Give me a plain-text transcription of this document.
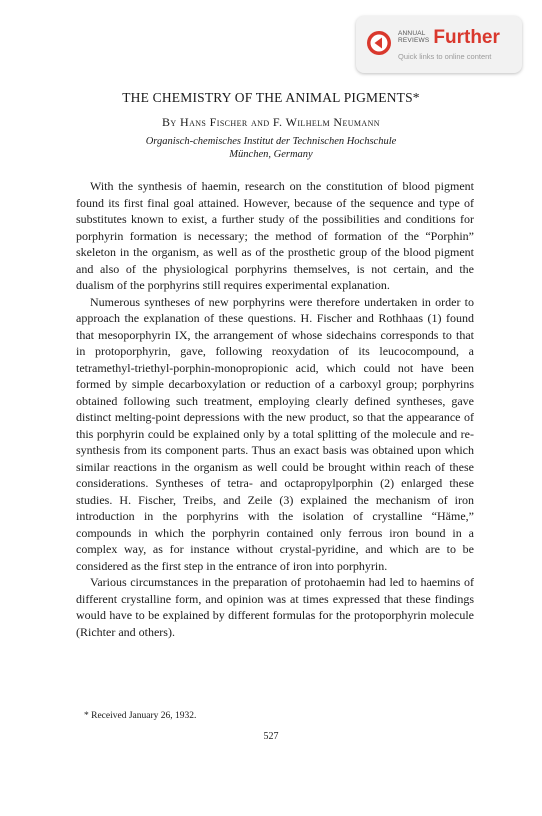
ANNUAL
REVIEWS Further
Quick links to online content
THE CHEMISTRY OF THE ANIMAL PIGMENTS*
By Hans Fischer and F. Wilhelm Neumann
Organisch-chemisches Institut der Technischen Hochschule
München, Germany

With the synthesis of haemin, research on the constitution of blood pigment found its first final goal attained. However, because of the sequence and type of substitutes known to exist, a further study of the possibilities and conditions for porphyrin formation is necessary; the method of formation of the “Porphin” skeleton in the organism, as well as of the prosthetic group of the blood pigment and also of the physiological porphyrins themselves, is not certain, and the dualism of the porphyrins still requires experimental explanation.

Numerous syntheses of new porphyrins were therefore undertaken in order to approach the explanation of these questions. H. Fischer and Rothhaas (1) found that mesoporphyrin IX, the arrangement of whose sidechains corresponds to that in protoporphyrin, gave, following reoxydation of its leucocompound, a tetramethyl-triethyl-porphin-monopropionic acid, which could not have been formed by simple decarboxylation or reduction of a carboxyl group; porphyrins obtained following such treatment, employing clearly defined syntheses, gave distinct melting-point depressions with the new product, so that the appearance of this porphyrin could be explained only by a total splitting of the molecule and re-synthesis from its component parts. Thus an exact basis was obtained upon which similar reactions in the organism as well could be brought within reach of these considerations. Syntheses of tetra- and octapropylporphin (2) enlarged these studies. H. Fischer, Treibs, and Zeile (3) explained the mechanism of iron introduction in the porphyrins with the isolation of crystalline “Häme,” compounds in which the porphyrin contained only ferrous iron bound in a complex way, as for instance without crystal-pyridine, and which are to be considered as the first step in the entrance of iron into porphyrin.

Various circumstances in the preparation of protohaemin had led to haemins of different crystalline form, and opinion was at times expressed that these findings would have to be explained by different formulas for the protoporphyrin molecule (Richter and others).

* Received January 26, 1932.
527
